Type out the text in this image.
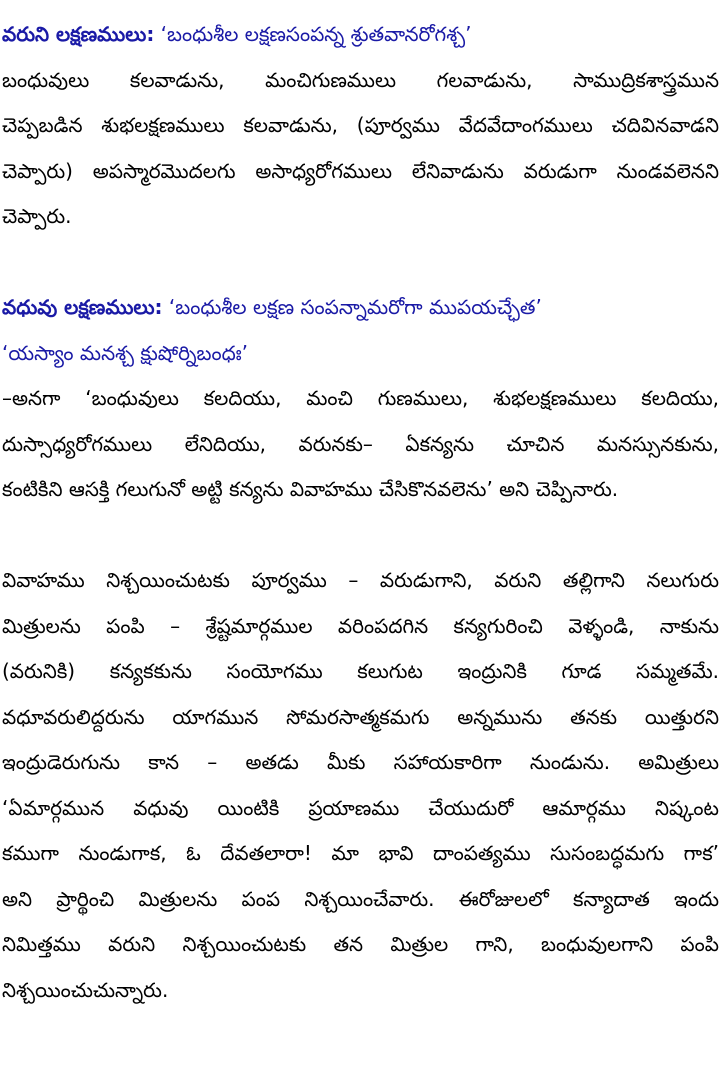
వరుని లక్షణములు: ‘బంధుశీల లక్షణసంపన్న శ్రుతవానరోగశ్చ’
బంధువులు కలవాడును, మంచిగుణములు గలవాడును, సాముద్రికశాస్త్రమున
చెప్పబడిన శుభలక్షణములు కలవాడును, (పూర్వము వేదవేదాంగములు చదివినవాడని
చెప్పారు) అపస్మారమొదలగు అసాధ్యరోగములు లేనివాడును వరుడుగా నుండవలెనని
చెప్పారు.
వధువు లక్షణములు: ‘బంధుశీల లక్షణ సంపన్నామరోగా ముపయచ్ఛేత’
‘యస్యాం మనశ్చ క్షుషోర్నిబంధః’
–అనగా ‘బంధువులు కలదియు, మంచి గుణములు, శుభలక్షణములు కలదియు,
దుస్సాధ్యరోగములు లేనిదియు, వరునకు– ఏకన్యను చూచిన మనస్సునకును,
కంటికిని ఆసక్తి గలుగునో అట్టి కన్యను వివాహము చేసికొనవలెను’ అని చెప్పినారు.
వివాహము నిశ్చయించుటకు పూర్వము – వరుడుగాని, వరుని తల్లిగాని నలుగురు
మిత్రులను పంపి – శ్రేష్టమార్గముల వరింపదగిన కన్యగురించి వెళ్ళండి, నాకును
(వరునికి) కన్యకకును సంయోగము కలుగుట ఇంద్రునికి గూడ సమ్మతమే.
వధూవరులిద్దరును యాగమున సోమరసాత్మకమగు అన్నమును తనకు యిత్తురని
ఇంద్రుడెరుగును కాన – అతడు మీకు సహాయకారిగా నుండును. అమిత్రులు
‘ఏమార్గమున వధువు యింటికి ప్రయాణము చేయుదురో ఆమార్గము నిష్కంట
కముగా నుండుగాక, ఓ దేవతలారా! మా భావి దాంపత్యము సుసంబద్ధమగు గాక’
అని ప్రార్థించి మిత్రులను పంప నిశ్చయించేవారు. ఈరోజులలో కన్యాదాత ఇందు
నిమిత్తము వరుని నిశ్చయించుటకు తన మిత్రుల గాని, బంధువులగాని పంపి
నిశ్చయించుచున్నారు.
